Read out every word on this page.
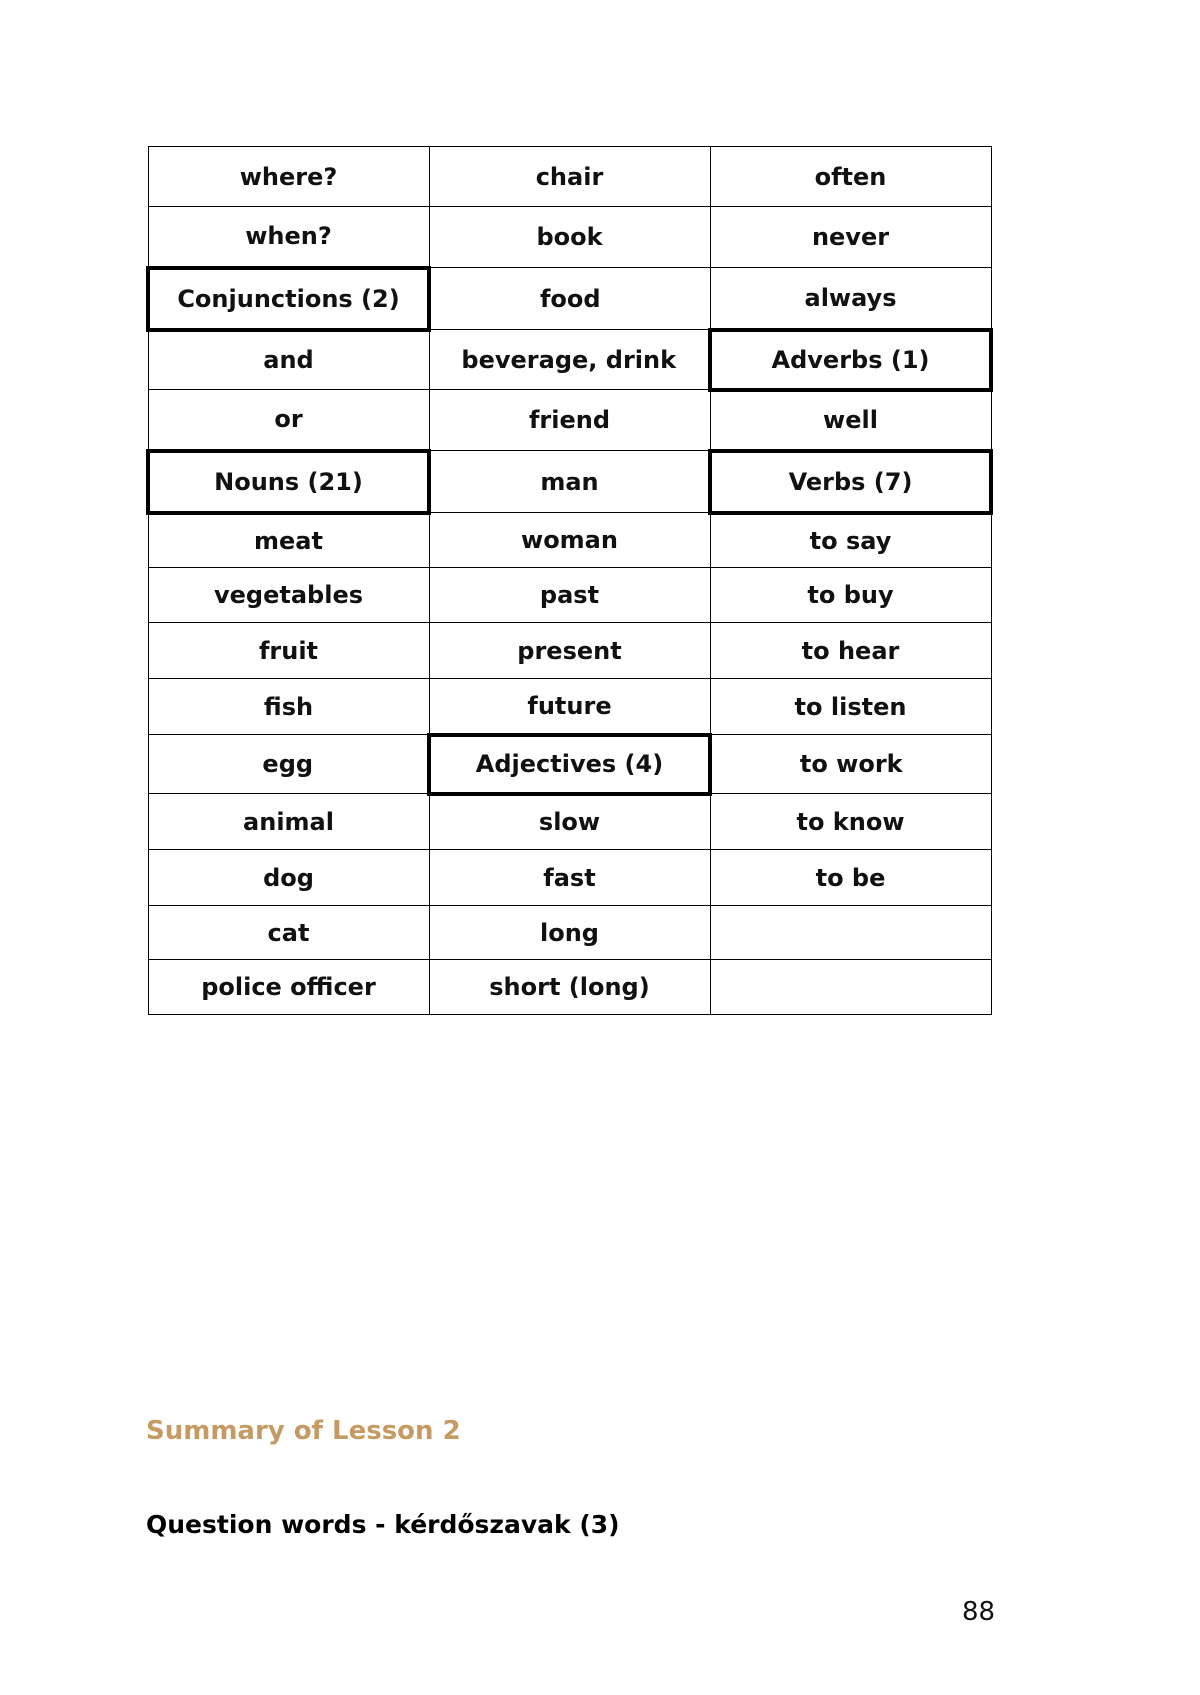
where?	chair	often
when?	book	never
Conjunctions (2)	food	always
and	beverage, drink	Adverbs (1)
or	friend	well
Nouns (21)	man	Verbs (7)
meat	woman	to say
vegetables	past	to buy
fruit	present	to hear
fish	future	to listen
egg	Adjectives (4)	to work
animal	slow	to know
dog	fast	to be
cat	long	
police officer	short (long)	
Summary of Lesson 2
Question words - kérdőszavak (3)
88
